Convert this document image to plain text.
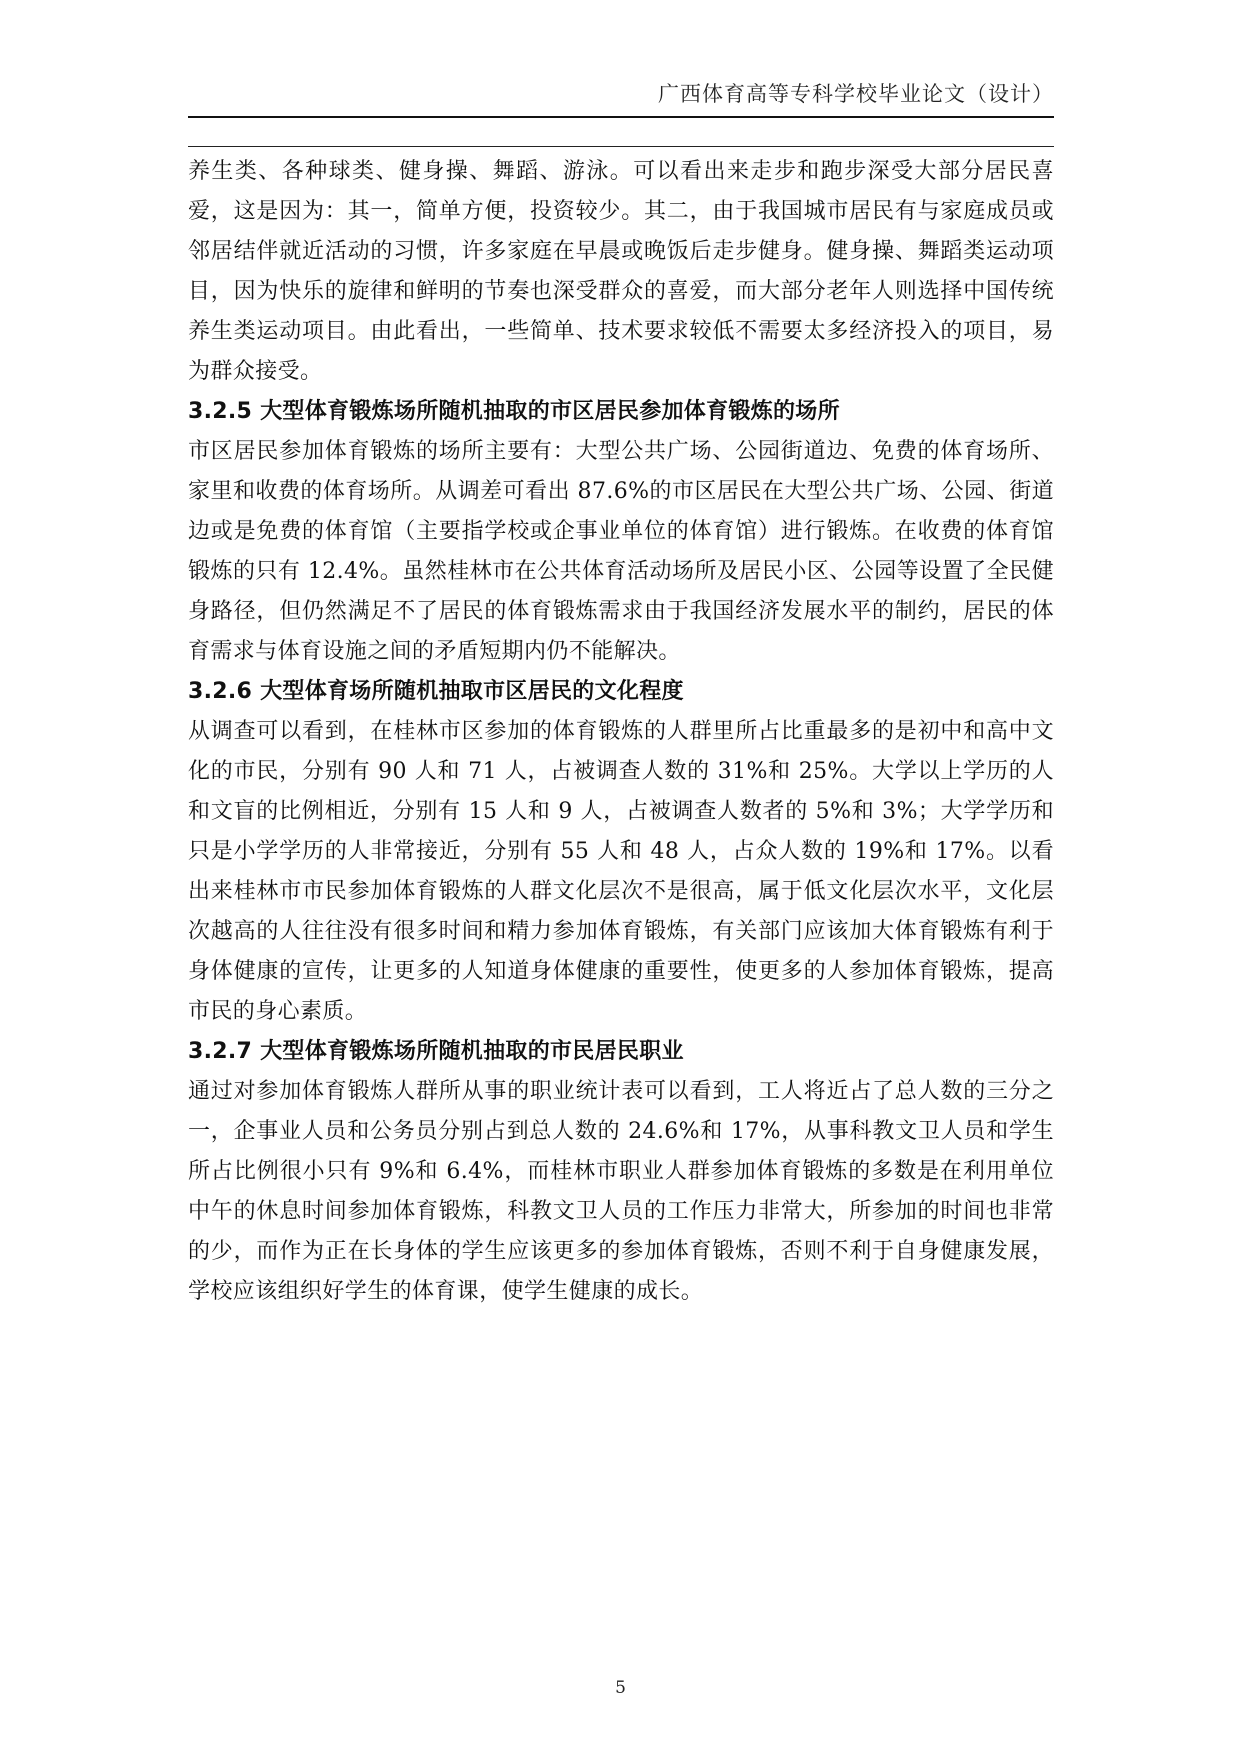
广西体育高等专科学校毕业论文（设计）

养生类、各种球类、健身操、舞蹈、游泳。可以看出来走步和跑步深受大部分居民喜爱，这是因为：其一，简单方便，投资较少。其二，由于我国城市居民有与家庭成员或邻居结伴就近活动的习惯，许多家庭在早晨或晚饭后走步健身。健身操、舞蹈类运动项目，因为快乐的旋律和鲜明的节奏也深受群众的喜爱，而大部分老年人则选择中国传统养生类运动项目。由此看出，一些简单、技术要求较低不需要太多经济投入的项目，易为群众接受。

3.2.5 大型体育锻炼场所随机抽取的市区居民参加体育锻炼的场所

市区居民参加体育锻炼的场所主要有：大型公共广场、公园街道边、免费的体育场所、家里和收费的体育场所。从调差可看出 87.6%的市区居民在大型公共广场、公园、街道边或是免费的体育馆（主要指学校或企事业单位的体育馆）进行锻炼。在收费的体育馆锻炼的只有 12.4%。虽然桂林市在公共体育活动场所及居民小区、公园等设置了全民健身路径，但仍然满足不了居民的体育锻炼需求由于我国经济发展水平的制约，居民的体育需求与体育设施之间的矛盾短期内仍不能解决。

3.2.6 大型体育场所随机抽取市区居民的文化程度

从调查可以看到，在桂林市区参加的体育锻炼的人群里所占比重最多的是初中和高中文化的市民，分别有 90 人和 71 人，占被调查人数的 31%和 25%。大学以上学历的人和文盲的比例相近，分别有 15 人和 9 人，占被调查人数者的 5%和 3%；大学学历和只是小学学历的人非常接近，分别有 55 人和 48 人，占众人数的 19%和 17%。以看出来桂林市市民参加体育锻炼的人群文化层次不是很高，属于低文化层次水平，文化层次越高的人往往没有很多时间和精力参加体育锻炼，有关部门应该加大体育锻炼有利于身体健康的宣传，让更多的人知道身体健康的重要性，使更多的人参加体育锻炼，提高市民的身心素质。

3.2.7 大型体育锻炼场所随机抽取的市民居民职业

通过对参加体育锻炼人群所从事的职业统计表可以看到，工人将近占了总人数的三分之一，企事业人员和公务员分别占到总人数的 24.6%和 17%，从事科教文卫人员和学生所占比例很小只有 9%和 6.4%，而桂林市职业人群参加体育锻炼的多数是在利用单位中午的休息时间参加体育锻炼，科教文卫人员的工作压力非常大，所参加的时间也非常的少，而作为正在长身体的学生应该更多的参加体育锻炼，否则不利于自身健康发展，学校应该组织好学生的体育课，使学生健康的成长。

5
